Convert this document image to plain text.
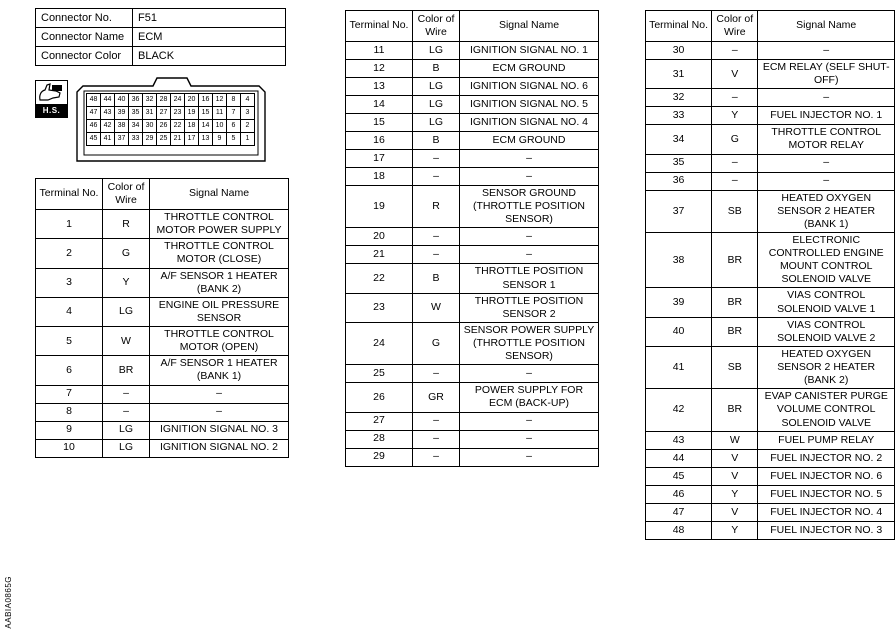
Connector No.	F51
Connector Name	ECM
Connector Color	BLACK
H.S.
48	44	40	36	32	28	24	20	16	12	8	4
47	43	39	35	31	27	23	19	15	11	7	3
46	42	38	34	30	26	22	18	14	10	6	2
45	41	37	33	29	25	21	17	13	9	5	1
Terminal No.	Color of Wire	Signal Name
1	R	THROTTLE CONTROL MOTOR POWER SUPPLY
2	G	THROTTLE CONTROL MOTOR (CLOSE)
3	Y	A/F SENSOR 1 HEATER (BANK 2)
4	LG	ENGINE OIL PRESSURE SENSOR
5	W	THROTTLE CONTROL MOTOR (OPEN)
6	BR	A/F SENSOR 1 HEATER (BANK 1)
7	–	–
8	–	–
9	LG	IGNITION SIGNAL NO. 3
10	LG	IGNITION SIGNAL NO. 2
Terminal No.	Color of Wire	Signal Name
11	LG	IGNITION SIGNAL NO. 1
12	B	ECM GROUND
13	LG	IGNITION SIGNAL NO. 6
14	LG	IGNITION SIGNAL NO. 5
15	LG	IGNITION SIGNAL NO. 4
16	B	ECM GROUND
17	–	–
18	–	–
19	R	SENSOR GROUND (THROTTLE POSITION SENSOR)
20	–	–
21	–	–
22	B	THROTTLE POSITION SENSOR 1
23	W	THROTTLE POSITION SENSOR 2
24	G	SENSOR POWER SUPPLY (THROTTLE POSITION SENSOR)
25	–	–
26	GR	POWER SUPPLY FOR ECM (BACK-UP)
27	–	–
28	–	–
29	–	–
Terminal No.	Color of Wire	Signal Name
30	–	–
31	V	ECM RELAY (SELF SHUT-OFF)
32	–	–
33	Y	FUEL INJECTOR NO. 1
34	G	THROTTLE CONTROL MOTOR RELAY
35	–	–
36	–	–
37	SB	HEATED OXYGEN SENSOR 2 HEATER (BANK 1)
38	BR	ELECTRONIC CONTROLLED ENGINE MOUNT CONTROL SOLENOID VALVE
39	BR	VIAS CONTROL SOLENOID VALVE 1
40	BR	VIAS CONTROL SOLENOID VALVE 2
41	SB	HEATED OXYGEN SENSOR 2 HEATER (BANK 2)
42	BR	EVAP CANISTER PURGE VOLUME CONTROL SOLENOID VALVE
43	W	FUEL PUMP RELAY
44	V	FUEL INJECTOR NO. 2
45	V	FUEL INJECTOR NO. 6
46	Y	FUEL INJECTOR NO. 5
47	V	FUEL INJECTOR NO. 4
48	Y	FUEL INJECTOR NO. 3
AABIA0865G
